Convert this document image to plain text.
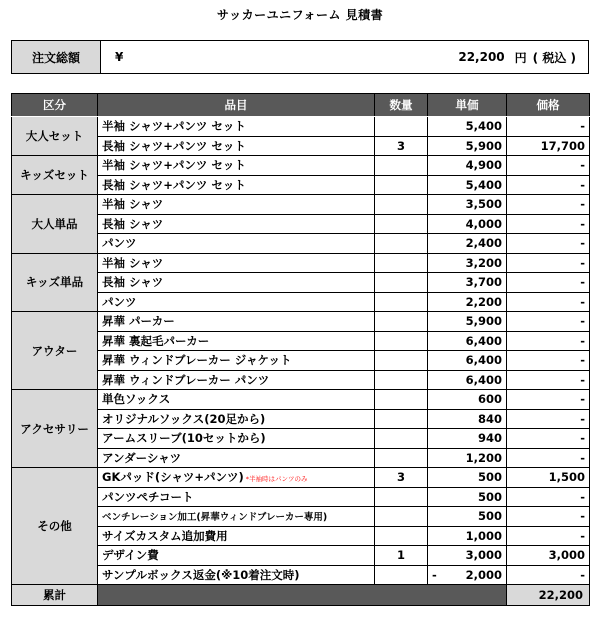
サッカーユニフォーム 見積書
注文総額	¥	22,200 円 ( 税込 )
区分	品目	数量	単価	価格
大人セット	半袖 シャツ+パンツ セット		5,400	-
	長袖 シャツ+パンツ セット	3	5,900	17,700
キッズセット	半袖 シャツ+パンツ セット		4,900	-
	長袖 シャツ+パンツ セット		5,400	-
大人単品	半袖 シャツ		3,500	-
	長袖 シャツ		4,000	-
	パンツ		2,400	-
キッズ単品	半袖 シャツ		3,200	-
	長袖 シャツ		3,700	-
	パンツ		2,200	-
アウター	昇華 パーカー		5,900	-
	昇華 裏起毛パーカー		6,400	-
	昇華 ウィンドブレーカー ジャケット		6,400	-
	昇華 ウィンドブレーカー パンツ		6,400	-
アクセサリー	単色ソックス		600	-
	オリジナルソックス(20足から)		840	-
	アームスリーブ(10セットから)		940	-
	アンダーシャツ		1,200	-
その他	GKパッド(シャツ+パンツ) *半袖時はパンツのみ	3	500	1,500
	パンツペチコート		500	-
	ベンチレーション加工(昇華ウィンドブレーカー専用)		500	-
	サイズカスタム追加費用		1,000	-
	デザイン費	1	3,000	3,000
	サンプルボックス返金(※10着注文時)		- 2,000	-
累計				22,200
